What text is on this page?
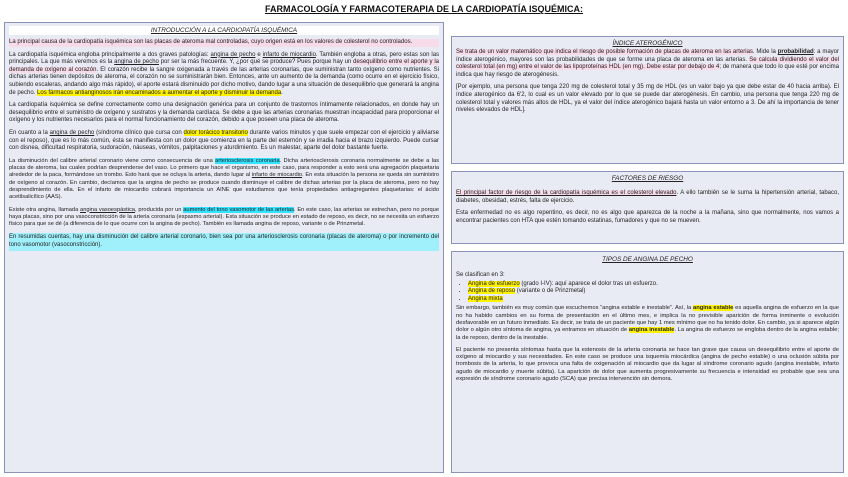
FARMACOLOGÍA Y FARMACOTERAPIA DE LA CARDIOPATÍA ISQUÉMICA:
INTRODUCCIÓN A LA CARDIOPATÍA ISQUÉMICA

La principal causa de la cardiopatía isquémica son las placas de ateroma mal controladas, cuyo origen está en los valores de colesterol no controlados.

La cardiopatía isquémica engloba principalmente a dos graves patologías: angina de pecho e infarto de miocardio. También engloba a otras, pero estas son las principales. La que más veremos es la angina de pecho por ser la más frecuente. Y, ¿por qué se produce? Pues porque hay un desequilibrio entre el aporte y la demanda de oxígeno al corazón. El corazón recibe la sangre oxigenada a través de las arterias coronarias, que suministran tanto oxígeno como nutrientes. Si dichas arterias tienen depósitos de ateroma, el corazón no se suministrarán bien. Entonces, ante un aumento de la demanda (como ocurre en el ejercicio físico, subiendo escaleras, andando algo más rápido), el aporte estará disminuido por dicho motivo, dando lugar a una situación de desequilibrio que generará la angina de pecho. Los fármacos antianginosos irán encaminados a aumentar el aporte y disminuir la demanda.

La cardiopatía isquémica se define correctamente como una designación genérica para un conjunto de trastornos íntimamente relacionados, en donde hay un desequilibrio entre el suministro de oxígeno y sustratos y la demanda cardíaca. Se debe a que las arterias coronarias muestran incapacidad para proporcionar el oxígeno y los nutrientes necesarios para el normal funcionamiento del corazón, debido a que poseen una placa de ateroma.

En cuanto a la angina de pecho (síndrome clínico que cursa con dolor torácico transitorio durante varios minutos y que suele empezar con el ejercicio y aliviarse con el reposo), que es lo más común, ésta se manifiesta con un dolor que comienza en la parte del esternón y se irradia hacia el brazo izquierdo. Puede cursar con disnea, dificultad respiratoria, sudoración, náuseas, vómitos, palpitaciones y aturdimiento. Es un malestar, aparte del dolor bastante fuerte.

La disminución del calibre arterial coronario viene como consecuencia de una arteriosclerosis coronaria. Dicha arteriosclerosis coronaria normalmente se debe a las placas de ateroma, las cuales podrían desprenderse del vaso. Lo primero que hace el organismo, en este caso, para responder a esto será una agregación plaquetaria alrededor de la paca, formándose un trombo. Esto hará que se ocluya la arteria, dando lugar al infarto de miocardio. En esta situación la persona se queda sin suministro de oxígeno al corazón. En cambio, decíamos que la angina de pecho se produce cuando disminuye el calibre de dichas arterias por la placa de ateroma, pero no hay desprendimiento de ella. En el infarto de miocardio cobrará importancia un AINE que estudiamos que tenía propiedades antiagregantes plaquetarias: el ácido acetilsalicílico (AAS).

Existe otra angina, llamada angina vasoespástica, producida por un aumento del tono vasomotor de las arterias. En este caso, las arterias se estrechan, pero no porque haya placas, sino por una vasoconstricción de la arteria coronaria (espasmo arterial). Esta situación se produce en estado de reposo, es decir, no se necesita un esfuerzo físico para que se dé (a diferencia de lo que ocurre con la angina de pecho). También es llamada angina de reposo, variante o de Prinzmetal.

En resumidas cuentas, hay una disminución del calibre arterial coronario, bien sea por una arteriosclerosis coronaria (placas de ateroma) o por incremento del tono vasomotor (vasoconstricción).

ÍNDICE ATEROGÉNICO

Se trata de un valor matemático que indica el riesgo de posible formación de placas de ateroma en las arterias. Mide la probabilidad: a mayor índice aterogénico, mayores son las probabilidades de que se forme una placa de ateroma en las arterias. Se calcula dividiendo el valor del colesterol total (en mg) entre el valor de las lipoproteínas HDL (en mg). Debe estar por debajo de 4; de manera que todo lo que esté por encima indica que hay riesgo de aterogénesis.

[Por ejemplo, una persona que tenga 220 mg de colesterol total y 35 mg de HDL (es un valor bajo ya que debe estar de 40 hacia arriba). El índice aterogénico da 6'2, lo cual es un valor elevado por lo que se puede dar aterogénesis. En cambio, una persona que tenga 220 mg de colesterol total y valores más altos de HDL, ya el valor del índice aterogénico bajará hasta un valor entorno a 3. De ahí la importancia de tener niveles elevados de HDL].

FACTORES DE RIESGO

El principal factor de riesgo de la cardiopatía isquémica es el colesterol elevado. A ello también se le suma la hipertensión arterial, tabaco, diabetes, obesidad, estrés, falta de ejercicio.

Esta enfermedad no es algo repentino, es decir, no es algo que aparezca de la noche a la mañana, sino que normalmente, nos vamos a encontrar pacientes con HTA que estén tomando estatinas, fumadores y que no se mueven.

TIPOS DE ANGINA DE PECHO

Se clasifican en 3:

• Angina de esfuerzo (grado I-IV): aquí aparece el dolor tras un esfuerzo.
• Angina de reposo (variante o de Prinzmetal)
• Angina mixta

Sin embargo, también es muy común que escuchemos “angina estable e inestable”. Así, la angina estable es aquella angina de esfuerzo en la que no ha habido cambios en su forma de presentación en el último mes, e implica la no previsible aparición de forma inminente o evolución desfavorable en un futuro inmediato. Es decir, se trata de un paciente que hay 1 mes mínimo que no ha tenido dolor. En cambio, ya si aparece algún dolor o algún otro síntoma de angina, ya entramos en situación de angina inestable. La angina de esfuerzo se engloba dentro de la angina estable; la de reposo, dentro de la inestable.

El paciente no presenta síntomas hasta que la estenosis de la arteria coronaria se hace tan grave que causa un desequilibrio entre el aporte de oxígeno al miocardio y sus necesidades. En este caso se produce una isquemia miocárdica (angina de pecho estable) o una oclusión súbita por trombosis de la arteria, lo que provoca una falta de oxigenación al miocardio que da lugar al síndrome coronario agudo (angina inestable, infarto agudo de miocardio y muerte súbita). La aparición de dolor que aumenta progresivamente su frecuencia e intensidad es probable que sea una expresión de síndrome coronario agudo (SCA) que precisa intervención sin demora.
